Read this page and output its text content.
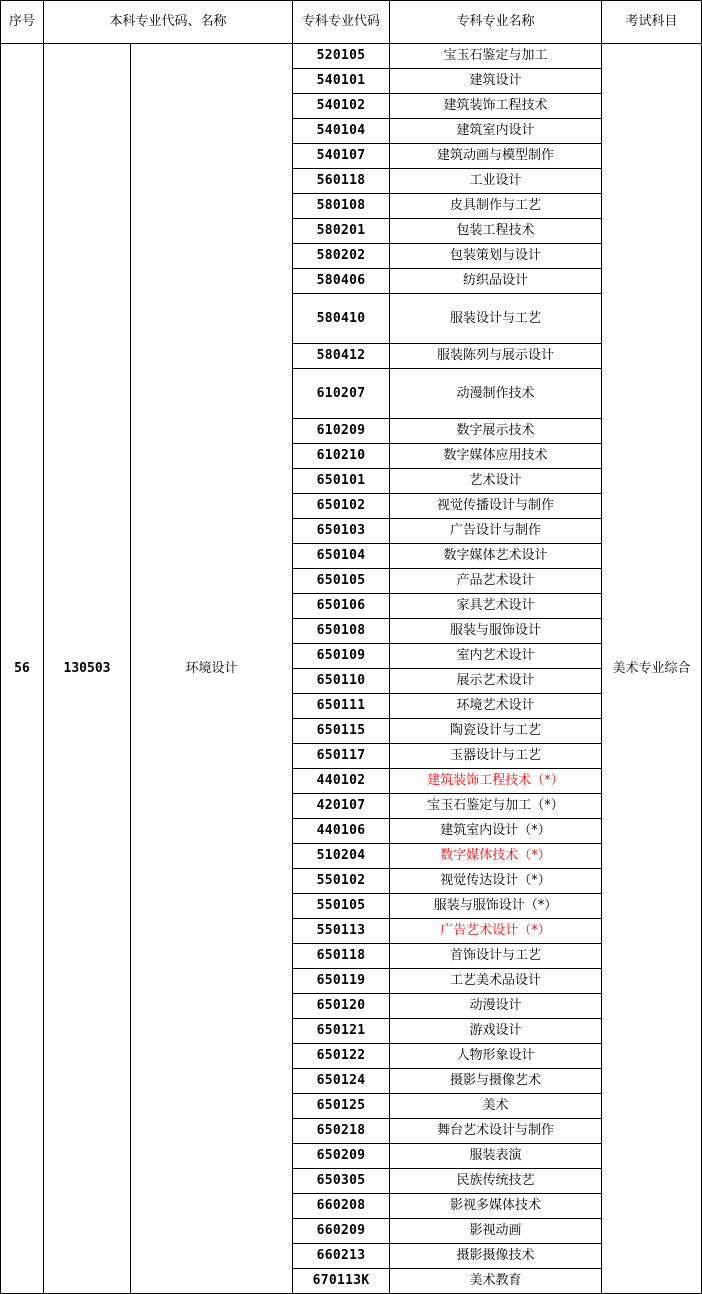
序号	本科专业代码、名称		专科专业代码	专科专业名称	考试科目
56	130503	环境设计	520105	宝玉石鉴定与加工	美术专业综合
			540101	建筑设计	
			540102	建筑装饰工程技术	
			540104	建筑室内设计	
			540107	建筑动画与模型制作	
			560118	工业设计	
			580108	皮具制作与工艺	
			580201	包装工程技术	
			580202	包装策划与设计	
			580406	纺织品设计	
			580410	服装设计与工艺	
			580412	服装陈列与展示设计	
			610207	动漫制作技术	
			610209	数字展示技术	
			610210	数字媒体应用技术	
			650101	艺术设计	
			650102	视觉传播设计与制作	
			650103	广告设计与制作	
			650104	数字媒体艺术设计	
			650105	产品艺术设计	
			650106	家具艺术设计	
			650108	服装与服饰设计	
			650109	室内艺术设计	
			650110	展示艺术设计	
			650111	环境艺术设计	
			650115	陶瓷设计与工艺	
			650117	玉器设计与工艺	
			440102	建筑装饰工程技术（*）	
			420107	宝玉石鉴定与加工（*）	
			440106	建筑室内设计（*）	
			510204	数字媒体技术（*）	
			550102	视觉传达设计（*）	
			550105	服装与服饰设计（*）	
			550113	广告艺术设计（*）	
			650118	首饰设计与工艺	
			650119	工艺美术品设计	
			650120	动漫设计	
			650121	游戏设计	
			650122	人物形象设计	
			650124	摄影与摄像艺术	
			650125	美术	
			650218	舞台艺术设计与制作	
			650209	服装表演	
			650305	民族传统技艺	
			660208	影视多媒体技术	
			660209	影视动画	
			660213	摄影摄像技术	
			670113K	美术教育	
